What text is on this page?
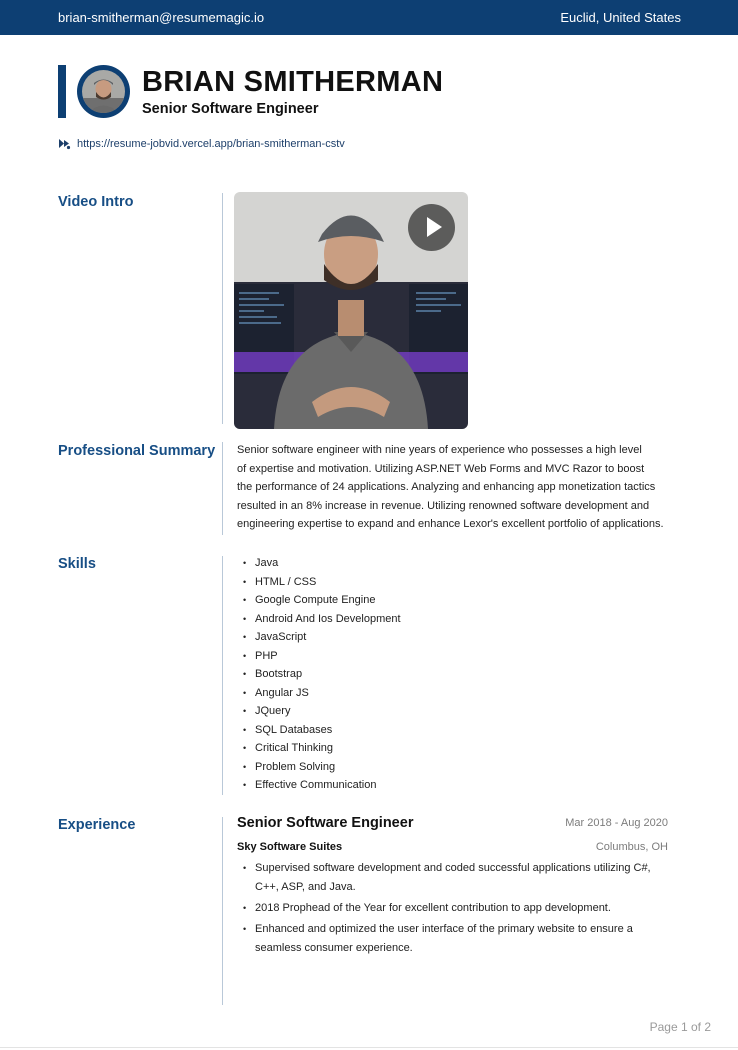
brian-smitherman@resumemagic.io	Euclid, United States
BRIAN SMITHERMAN
Senior Software Engineer
https://resume-jobvid.vercel.app/brian-smitherman-cstv
Video Intro
Professional Summary Senior software engineer with nine years of experience who possesses a high level
of expertise and motivation. Utilizing ASP.NET Web Forms and MVC Razor to boost
the performance of 24 applications. Analyzing and enhancing app monetization tactics
resulted in an 8% increase in revenue. Utilizing renowned software development and
engineering expertise to expand and enhance Lexor's excellent portfolio of applications.
Skills
•	Java
• HTML / CSS
• Google Compute Engine
• Android And Ios Development
• JavaScript
• PHP
• Bootstrap
• Angular JS
• JQuery
• SQL Databases
• Critical Thinking
• Problem Solving
• Effective Communication
Experience	Senior Software Engineer	Mar 2018 - Aug 2020
Sky Software Suites	Columbus, OH
• Supervised software development and coded successful applications utilizing C#, C++, ASP, and Java.
• 2018 Prophead of the Year for excellent contribution to app development.
• Enhanced and optimized the user interface of the primary website to ensure a seamless consumer experience.
Page 1 of 2
